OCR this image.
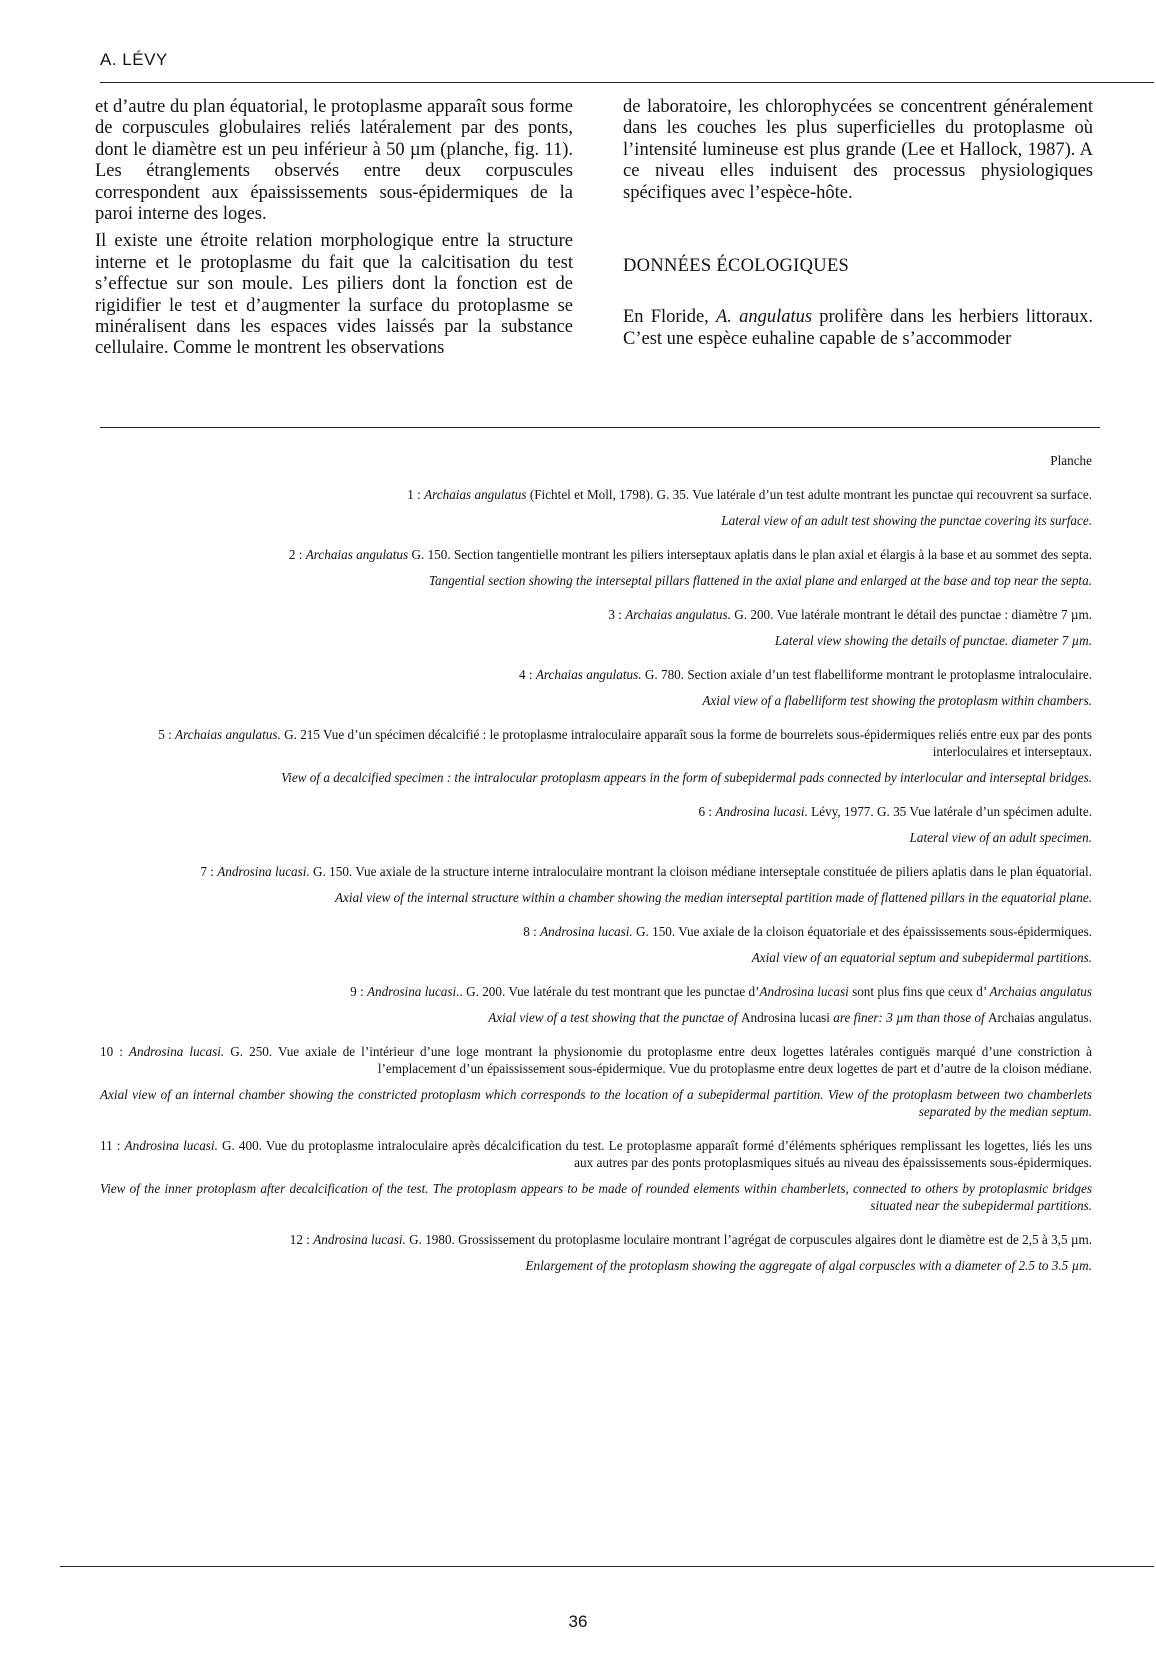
A. LÉVY

et d’autre du plan équatorial, le protoplasme apparaît sous forme de corpuscules globulaires reliés latéralement par des ponts, dont le diamètre est un peu inférieur à 50 µm (planche, fig. 11). Les étranglements observés entre deux corpuscules correspondent aux épaississements sous-épidermiques de la paroi interne des loges.

Il existe une étroite relation morphologique entre la structure interne et le protoplasme du fait que la calcitisation du test s’effectue sur son moule. Les piliers dont la fonction est de rigidifier le test et d’augmenter la surface du protoplasme se minéralisent dans les espaces vides laissés par la substance cellulaire. Comme le montrent les observations

de laboratoire, les chlorophycées se concentrent généralement dans les couches les plus superficielles du protoplasme où l’intensité lumineuse est plus grande (Lee et Hallock, 1987). A ce niveau elles induisent des processus physiologiques spécifiques avec l’espèce-hôte.

DONNÉES ÉCOLOGIQUES

En Floride, A. angulatus prolifère dans les herbiers littoraux. C’est une espèce euhaline capable de s’accommoder

Planche

1 : Archaias angulatus (Fichtel et Moll, 1798). G. 35. Vue latérale d’un test adulte montrant les punctae qui recouvrent sa surface.

Lateral view of an adult test showing the punctae covering its surface.

2 : Archaias angulatus G. 150. Section tangentielle montrant les piliers interseptaux aplatis dans le plan axial et élargis à la base et au sommet des septa.

Tangential section showing the interseptal pillars flattened in the axial plane and enlarged at the base and top near the septa.

3 : Archaias angulatus. G. 200. Vue latérale montrant le détail des punctae : diamètre 7 µm.

Lateral view showing the details of punctae. diameter 7 µm.

4 : Archaias angulatus. G. 780. Section axiale d’un test flabelliforme montrant le protoplasme intraloculaire.

Axial view of a flabelliform test showing the protoplasm within chambers.

5 : Archaias angulatus. G. 215 Vue d’un spécimen décalcifié : le protoplasme intraloculaire apparaît sous la forme de bourrelets sous-épidermiques reliés entre eux par des ponts interloculaires et interseptaux.

View of a decalcified specimen : the intralocular protoplasm appears in the form of subepidermal pads connected by interlocular and interseptal bridges.

6 : Androsina lucasi. Lévy, 1977. G. 35 Vue latérale d’un spécimen adulte.

Lateral view of an adult specimen.

7 : Androsina lucasi. G. 150. Vue axiale de la structure interne intraloculaire montrant la cloison médiane interseptale constituée de piliers aplatis dans le plan équatorial.

Axial view of the internal structure within a chamber showing the median interseptal partition made of flattened pillars in the equatorial plane.

8 : Androsina lucasi. G. 150. Vue axiale de la cloison équatoriale et des épaississements sous-épidermiques.

Axial view of an equatorial septum and subepidermal partitions.

9 : Androsina lucasi.. G. 200. Vue latérale du test montrant que les punctae d’Androsina lucasi sont plus fins que ceux d’ Archaias angulatus

Axial view of a test showing that the punctae of Androsina lucasi are finer: 3 µm than those of Archaias angulatus.

10 : Androsina lucasi. G. 250. Vue axiale de l’intérieur d’une loge montrant la physionomie du protoplasme entre deux logettes latérales contiguës marqué d’une constriction à l’emplacement d’un épaississement sous-épidermique. Vue du protoplasme entre deux logettes de part et d’autre de la cloison médiane.

Axial view of an internal chamber showing the constricted protoplasm which corresponds to the location of a subepidermal partition. View of the protoplasm between two chamberlets separated by the median septum.

11 : Androsina lucasi. G. 400. Vue du protoplasme intraloculaire après décalcification du test. Le protoplasme apparaît formé d’éléments sphériques remplissant les logettes, liés les uns aux autres par des ponts protoplasmiques situés au niveau des épaississements sous-épidermiques.

View of the inner protoplasm after decalcification of the test. The protoplasm appears to be made of rounded elements within chamberlets, connected to others by protoplasmic bridges situated near the subepidermal partitions.

12 : Androsina lucasi. G. 1980. Grossissement du protoplasme loculaire montrant l’agrégat de corpuscules algaires dont le diamètre est de 2,5 à 3,5 µm.

Enlargement of the protoplasm showing the aggregate of algal corpuscles with a diameter of 2.5 to 3.5 µm.

36
